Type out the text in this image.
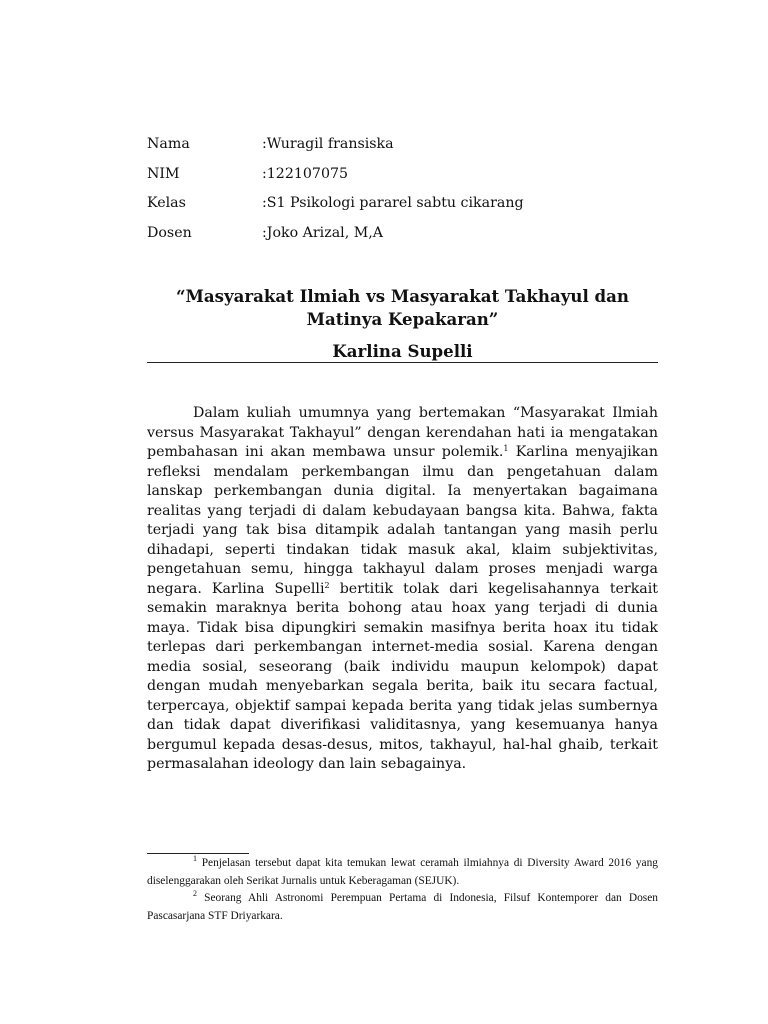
Nama	:Wuragil fransiska
NIM	:122107075
Kelas	:S1 Psikologi pararel sabtu cikarang
Dosen	:Joko Arizal, M,A
“Masyarakat Ilmiah vs Masyarakat Takhayul dan
Matinya Kepakaran”
Karlina Supelli

Dalam kuliah umumnya yang bertemakan “Masyarakat Ilmiah versus Masyarakat Takhayul” dengan kerendahan hati ia mengatakan pembahasan ini akan membawa unsur polemik.$^1$ Karlina menyajikan refleksi mendalam perkembangan ilmu dan pengetahuan dalam lanskap perkembangan dunia digital. Ia menyertakan bagaimana realitas yang terjadi di dalam kebudayaan bangsa kita. Bahwa, fakta terjadi yang tak bisa ditampik adalah tantangan yang masih perlu dihadapi, seperti tindakan tidak masuk akal, klaim subjektivitas, pengetahuan semu, hingga takhayul dalam proses menjadi warga negara. Karlina Supelli$^2$ bertitik tolak dari kegelisahannya terkait semakin maraknya berita bohong atau hoax yang terjadi di dunia maya. Tidak bisa dipungkiri semakin masifnya berita hoax itu tidak terlepas dari perkembangan internet-media sosial. Karena dengan media sosial, seseorang (baik individu maupun kelompok) dapat dengan mudah menyebarkan segala berita, baik itu secara factual, terpercaya, objektif sampai kepada berita yang tidak jelas sumbernya dan tidak dapat diverifikasi validitasnya, yang kesemuanya hanya bergumul kepada desas-desus, mitos, takhayul, hal-hal ghaib, terkait permasalahan ideology dan lain sebagainya.

$^1$ Penjelasan tersebut dapat kita temukan lewat ceramah ilmiahnya di Diversity Award 2016 yang diselenggarakan oleh Serikat Jurnalis untuk Keberagaman (SEJUK).

$^2$ Seorang Ahli Astronomi Perempuan Pertama di Indonesia, Filsuf Kontemporer dan Dosen Pascasarjana STF Driyarkara.
